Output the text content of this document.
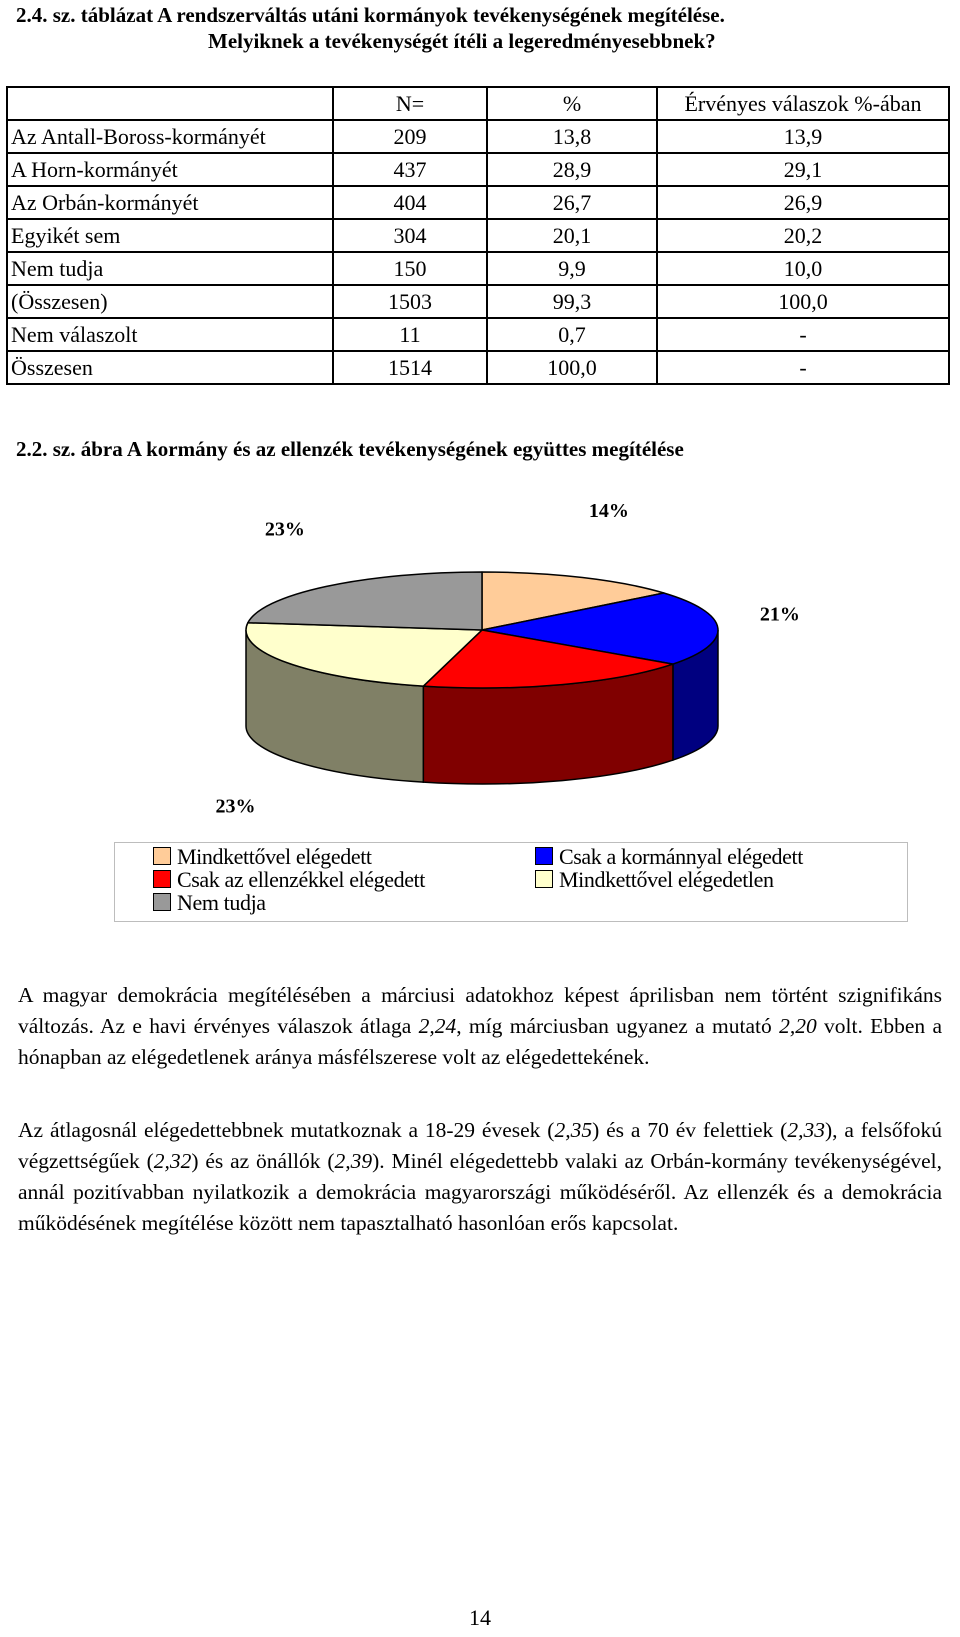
2.4. sz. táblázat A rendszerváltás utáni kormányok tevékenységének megítélése.
Melyiknek a tevékenységét ítéli a legeredményesebbnek?
	N=	%	Érvényes válaszok %-ában
Az Antall-Boross-kormányét	209	13,8	13,9
A Horn-kormányét	437	28,9	29,1
Az Orbán-kormányét	404	26,7	26,9
Egyikét sem	304	20,1	20,2
Nem tudja	150	9,9	10,0
(Összesen)	1503	99,3	100,0
Nem válaszolt	11	0,7	-
Összesen	1514	100,0	-
2.2. sz. ábra A kormány és az ellenzék tevékenységének együttes megítélése
14%
21%
23%
23%
Mindkettővel elégedett	Csak a kormánnyal elégedett
Csak az ellenzékkel elégedett	Mindkettővel elégedetlen
Nem tudja

A magyar demokrácia megítélésében a márciusi adatokhoz képest áprilisban nem történt szignifikáns változás. Az e havi érvényes válaszok átlaga 2,24, míg márciusban ugyanez a mutató 2,20 volt. Ebben a hónapban az elégedetlenek aránya másfélszerese volt az elégedettekének.

Az átlagosnál elégedettebbnek mutatkoznak a 18-29 évesek (2,35) és a 70 év felettiek (2,33), a felsőfokú végzettségűek (2,32) és az önállók (2,39). Minél elégedettebb valaki az Orbán-kormány tevékenységével, annál pozitívabban nyilatkozik a demokrácia magyarországi működéséről. Az ellenzék és a demokrácia működésének megítélése között nem tapasztalható hasonlóan erős kapcsolat.

14
